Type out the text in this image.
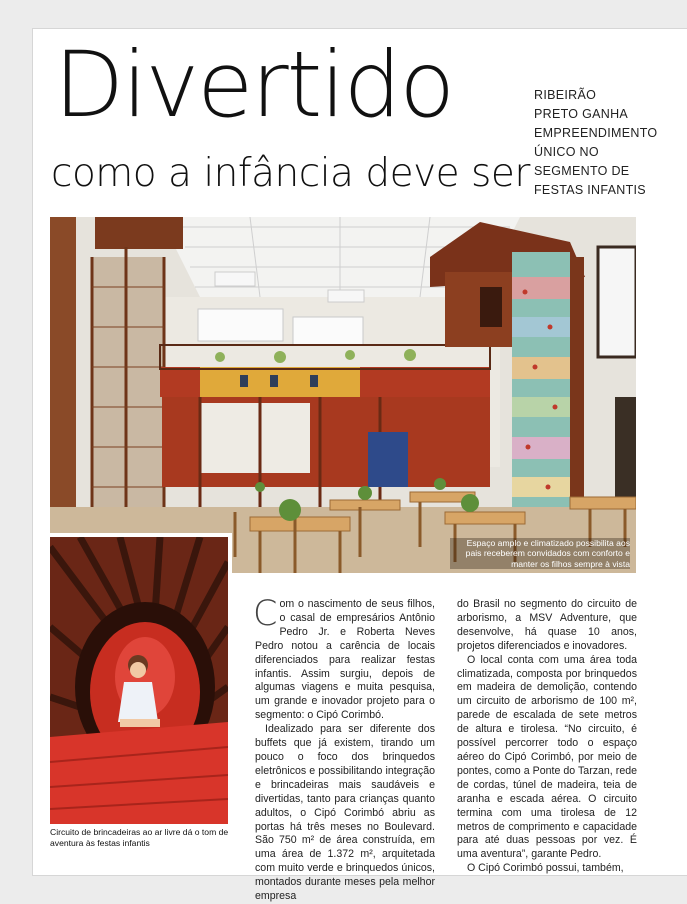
Divertido
como a infância deve ser
RIBEIRÃO
PRETO GANHA
EMPREENDIMENTO
ÚNICO NO
SEGMENTO DE
FESTAS INFANTIS

Espaço amplo e climatizado possibilita aos pais receberem convidados com conforto e manter os filhos sempre à vista

Circuito de brincadeiras ao ar livre dá o tom de aventura às festas infantis

Com o nascimento de seus filhos, o casal de empresários Antônio Pedro Jr. e Roberta Neves Pedro notou a carência de locais diferenciados para realizar festas infantis. Assim surgiu, depois de algumas viagens e muita pesquisa, um grande e inovador projeto para o segmento: o Cipó Corimbó.

Idealizado para ser diferente dos buffets que já existem, tirando um pouco o foco dos brinquedos eletrônicos e possibilitando integração e brincadeiras mais saudáveis e divertidas, tanto para crianças quanto adultos, o Cipó Corimbó abriu as portas há três meses no Boulevard. São 750 m² de área construída, em uma área de 1.372 m², arquitetada com muito verde e brinquedos únicos, montados durante meses pela melhor empresa

do Brasil no segmento do circuito de arborismo, a MSV Adventure, que desenvolve, há quase 10 anos, projetos diferenciados e inovadores.

O local conta com uma área toda climatizada, composta por brinquedos em madeira de demolição, contendo um circuito de arborismo de 100 m², parede de escalada de sete metros de altura e tirolesa. “No circuito, é possível percorrer todo o espaço aéreo do Cipó Corimbó, por meio de pontes, como a Ponte do Tarzan, rede de cordas, túnel de madeira, teia de aranha e escada aérea. O circuito termina com uma tirolesa de 12 metros de comprimento e capacidade para até duas pessoas por vez. É uma aventura”, garante Pedro.

O Cipó Corimbó possui, também,
